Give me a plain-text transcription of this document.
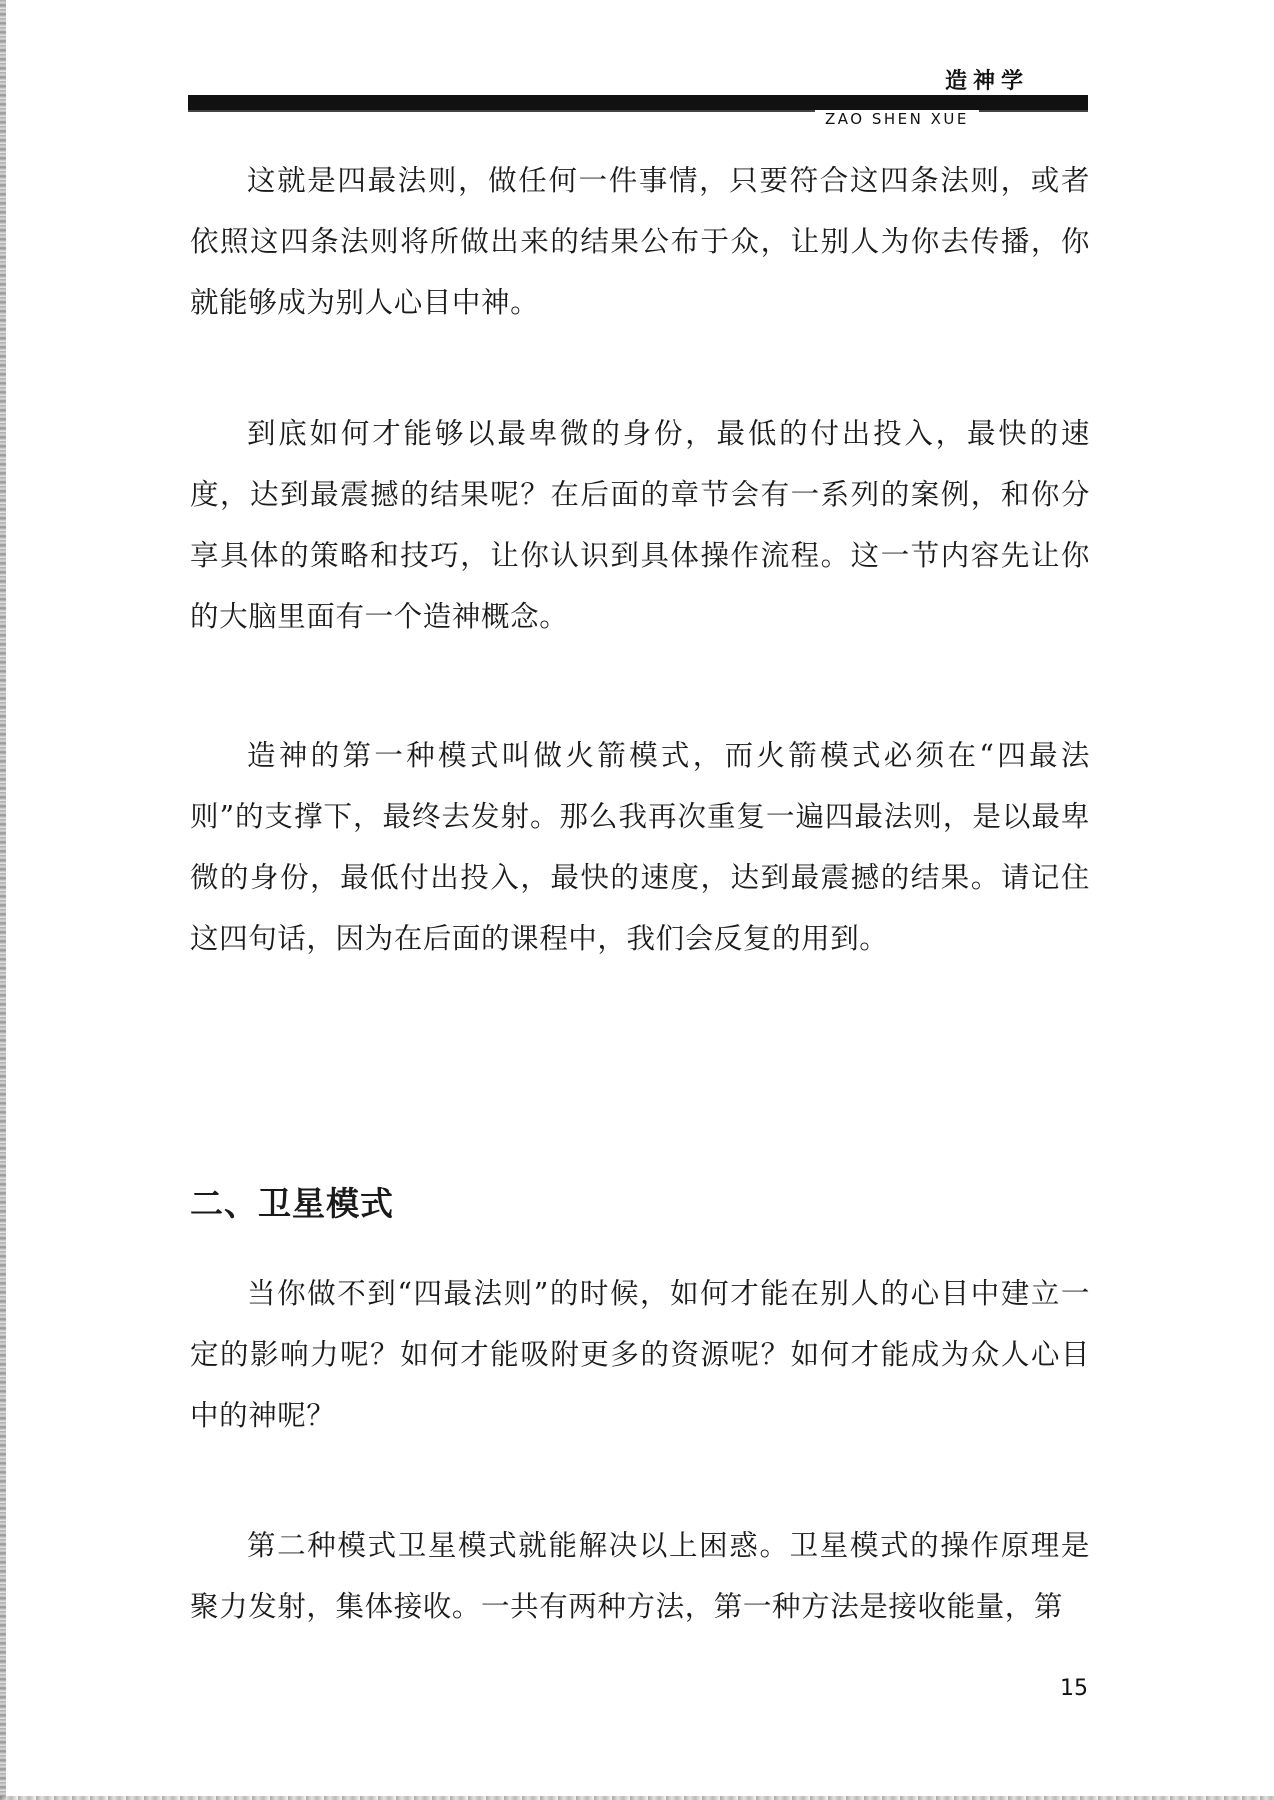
造神学
ZAO SHEN XUE

这就是四最法则，做任何一件事情，只要符合这四条法则，或者依照这四条法则将所做出来的结果公布于众，让别人为你去传播，你就能够成为别人心目中神。

到底如何才能够以最卑微的身份，最低的付出投入，最快的速度，达到最震撼的结果呢？在后面的章节会有一系列的案例，和你分享具体的策略和技巧，让你认识到具体操作流程。这一节内容先让你的大脑里面有一个造神概念。

造神的第一种模式叫做火箭模式，而火箭模式必须在“四最法则”的支撑下，最终去发射。那么我再次重复一遍四最法则，是以最卑微的身份，最低付出投入，最快的速度，达到最震撼的结果。请记住这四句话，因为在后面的课程中，我们会反复的用到。

二、卫星模式

当你做不到“四最法则”的时候，如何才能在别人的心目中建立一定的影响力呢？如何才能吸附更多的资源呢？如何才能成为众人心目中的神呢？

第二种模式卫星模式就能解决以上困惑。卫星模式的操作原理是聚力发射，集体接收。一共有两种方法，第一种方法是接收能量，第

15
